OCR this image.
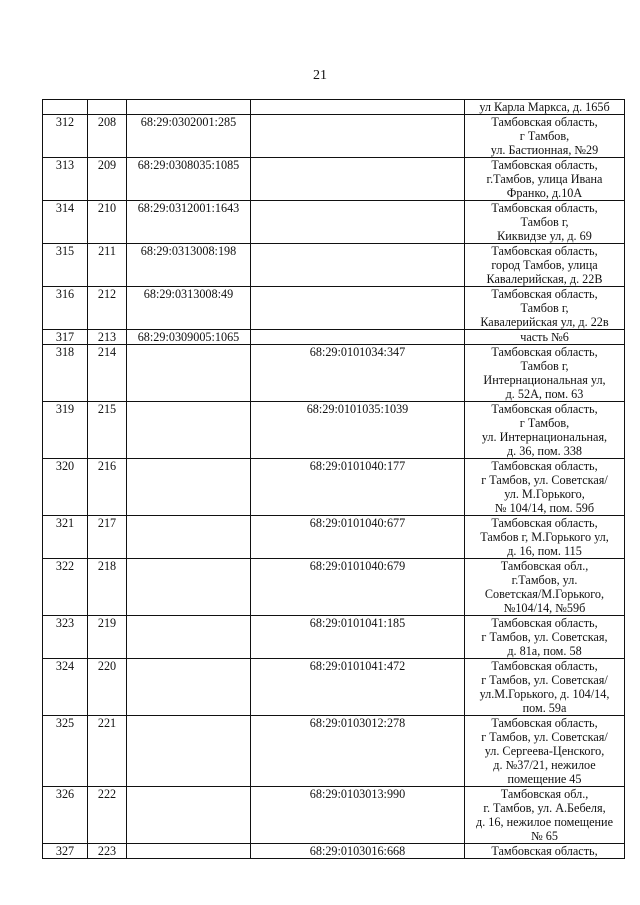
21

				ул Карла Маркса, д. 165б

312	208	68:29:0302001:285		Тамбовская область,
г Тамбов,
ул. Бастионная, №29

313	209	68:29:0308035:1085		Тамбовская область,
г.Тамбов, улица Ивана
Франко, д.10А

314	210	68:29:0312001:1643		Тамбовская область,
Тамбов г,
Киквидзе ул, д. 69

315	211	68:29:0313008:198		Тамбовская область,
город Тамбов, улица
Кавалерийская, д. 22В

316	212	68:29:0313008:49		Тамбовская область,
Тамбов г,
Кавалерийская ул, д. 22в

317	213	68:29:0309005:1065		часть №6

318	214		68:29:0101034:347	Тамбовская область,
Тамбов г,
Интернациональная ул,
д. 52А, пом. 63

319	215		68:29:0101035:1039	Тамбовская область,
г Тамбов,
ул. Интернациональная,
д. 36, пом. 338

320	216		68:29:0101040:177	Тамбовская область,
г Тамбов, ул. Советская/
ул. М.Горького,
№ 104/14, пом. 59б

321	217		68:29:0101040:677	Тамбовская область,
Тамбов г, М.Горького ул,
д. 16, пом. 115

322	218		68:29:0101040:679	Тамбовская обл.,
г.Тамбов, ул.
Советская/М.Горького,
№104/14, №59б

323	219		68:29:0101041:185	Тамбовская область,
г Тамбов, ул. Советская,
д. 81а, пом. 58

324	220		68:29:0101041:472	Тамбовская область,
г Тамбов, ул. Советская/
ул.М.Горького, д. 104/14,
пом. 59а

325	221		68:29:0103012:278	Тамбовская область,
г Тамбов, ул. Советская/
ул. Сергеева-Ценского,
д. №37/21, нежилое
помещение 45

326	222		68:29:0103013:990	Тамбовская обл.,
г. Тамбов, ул. А.Бебеля,
д. 16, нежилое помещение
№ 65

327	223		68:29:0103016:668	Тамбовская область,
